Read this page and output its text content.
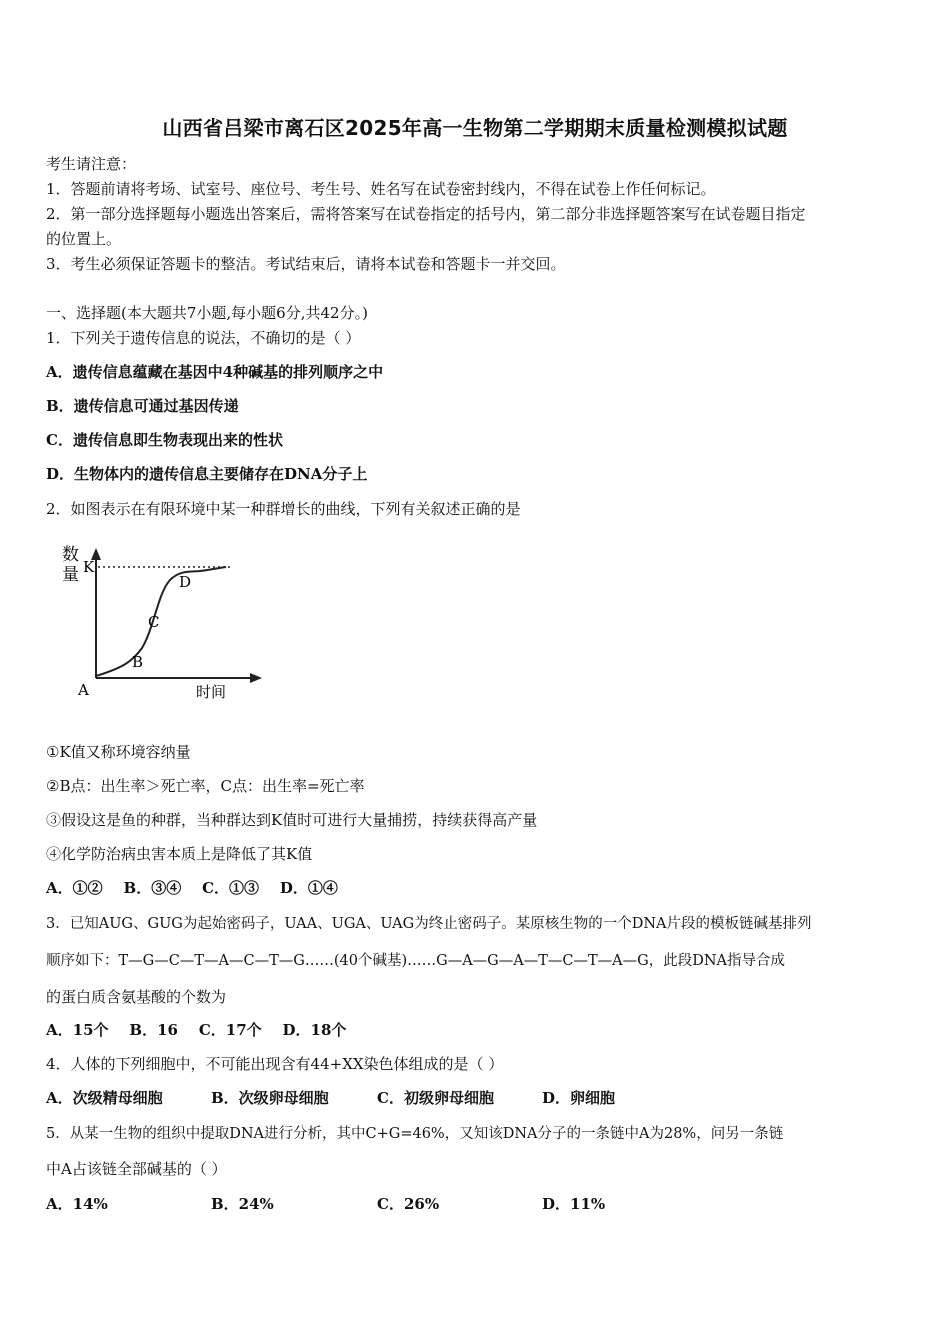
山西省吕梁市离石区2025年高一生物第二学期期末质量检测模拟试题
考生请注意：
1．答题前请将考场、试室号、座位号、考生号、姓名写在试卷密封线内，不得在试卷上作任何标记。
2．第一部分选择题每小题选出答案后，需将答案写在试卷指定的括号内，第二部分非选择题答案写在试卷题目指定
的位置上。
3．考生必须保证答题卡的整洁。考试结束后，请将本试卷和答题卡一并交回。
一、选择题(本大题共7小题,每小题6分,共42分。)
1．下列关于遗传信息的说法，不确切的是（ ）
A．遗传信息蕴藏在基因中4种碱基的排列顺序之中
B．遗传信息可通过基因传递
C．遗传信息即生物表现出来的性状
D．生物体内的遗传信息主要储存在DNA分子上
2．如图表示在有限环境中某一种群增长的曲线，下列有关叙述正确的是
数
量 K
A
B
C
D
时间
①K值又称环境容纳量
②B点：出生率＞死亡率，C点：出生率=死亡率
③假设这是鱼的种群，当种群达到K值时可进行大量捕捞，持续获得高产量
④化学防治病虫害本质上是降低了其K值
A．①②    B．③④    C．①③    D．①④
3．已知AUG、GUG为起始密码子，UAA、UGA、UAG为终止密码子。某原核生物的一个DNA片段的模板链碱基排列
顺序如下：T—G—C—T—A—C—T—G……(40个碱基)……G—A—G—A—T—C—T—A—G，此段DNA指导合成
的蛋白质含氨基酸的个数为
A．15个    B．16    C．17个    D．18个
4．人体的下列细胞中，不可能出现含有44+XX染色体组成的是（ ）
A．次级精母细胞	B．次级卵母细胞	C．初级卵母细胞	D．卵细胞
5．从某一生物的组织中提取DNA进行分析，其中C+G=46%，又知该DNA分子的一条链中A为28%，问另一条链
中A占该链全部碱基的（ ）
A．14%	B．24%	C．26%	D．11%
